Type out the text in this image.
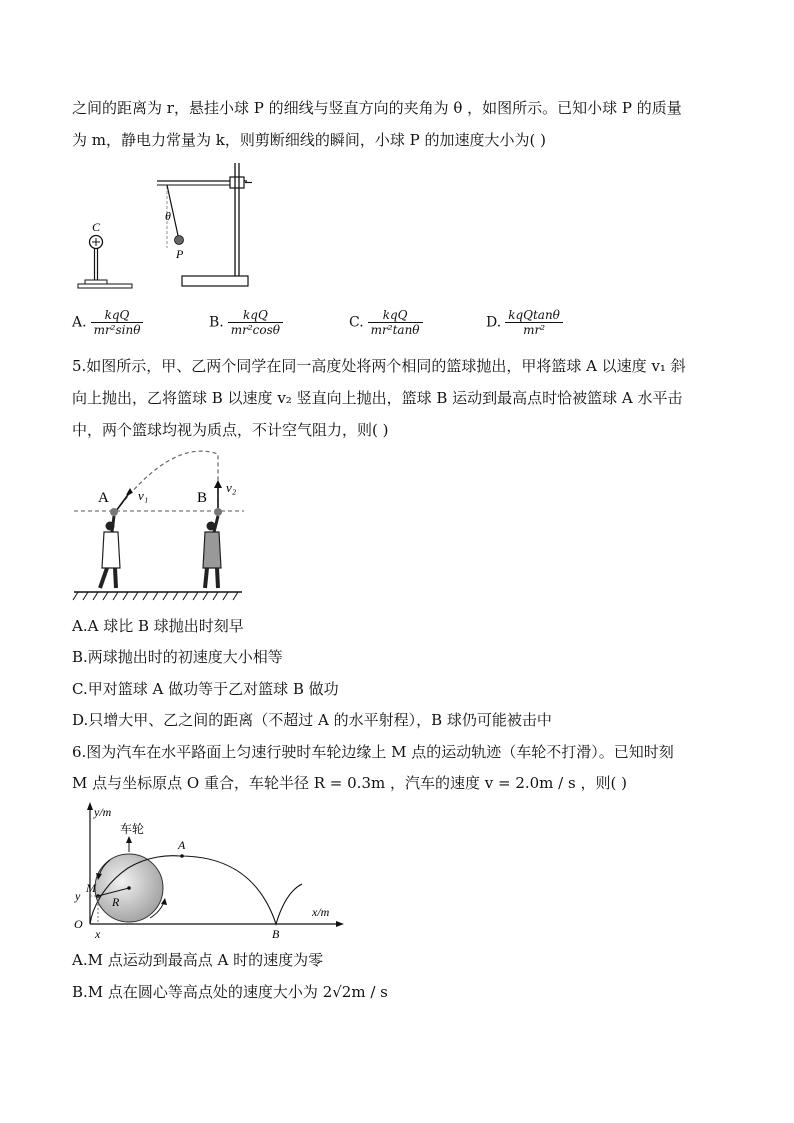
之间的距离为 r，悬挂小球 P 的细线与竖直方向的夹角为 θ ，如图所示。已知小球 P 的质量
为 m，静电力常量为 k，则剪断细线的瞬间，小球 P 的加速度大小为( )
C
θ
P
A. $\frac{\text{kqQ}}{\text{mr²sinθ}}$	B. $\frac{\text{kqQ}}{\text{mr²cosθ}}$	C. $\frac{\text{kqQ}}{\text{mr²tanθ}}$	D. $\frac{\text{kqQtanθ}}{\text{mr²}}$
5.如图所示，甲、乙两个同学在同一高度处将两个相同的篮球抛出，甲将篮球 A 以速度 v₁ 斜
向上抛出，乙将篮球 B 以速度 v₂ 竖直向上抛出，篮球 B 运动到最高点时恰被篮球 A 水平击
中，两个篮球均视为质点，不计空气阻力，则( )
A v₁	B
v₂
A.A 球比 B 球抛出时刻早
B.两球抛出时的初速度大小相等
C.甲对篮球 A 做功等于乙对篮球 B 做功
D.只增大甲、乙之间的距离（不超过 A 的水平射程），B 球仍可能被击中
6.图为汽车在水平路面上匀速行驶时车轮边缘上 M 点的运动轨迹（车轮不打滑）。已知时刻
M 点与坐标原点 O 重合，车轮半径 R = 0.3m ，汽车的速度 v = 2.0m / s ，则( )
y/m
x/m
车轮
A
y
M
R
O
x	B
A.M 点运动到最高点 A 时的速度为零
B.M 点在圆心等高点处的速度大小为 2√2m / s
